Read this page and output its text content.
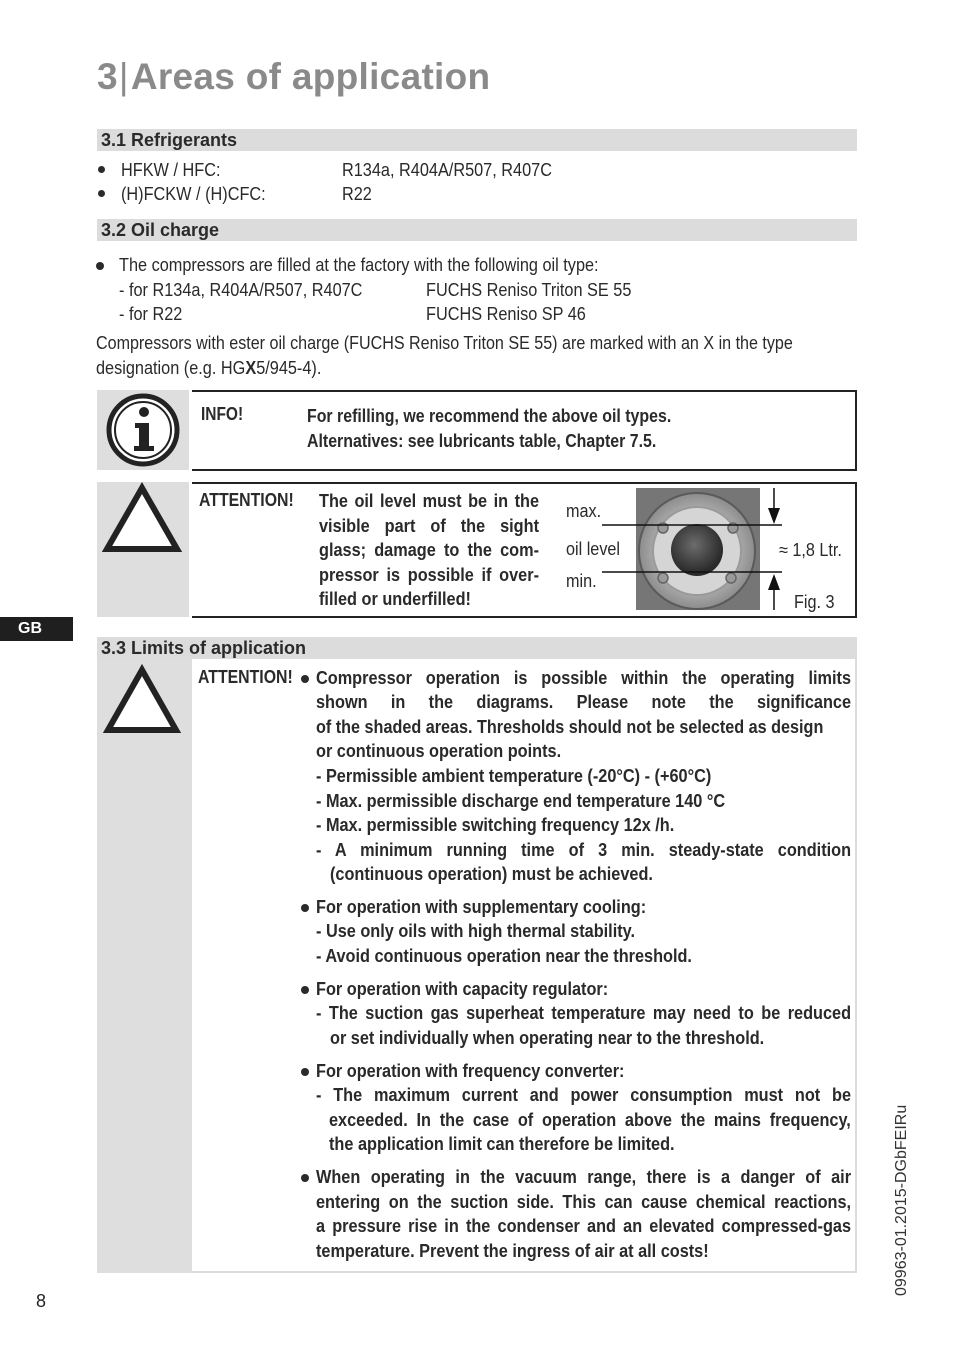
3|Areas of application
3.1 Refrigerants
HFKW / HFC:	R134a, R404A/R507, R407C
(H)FCKW / (H)CFC:	R22
3.2 Oil charge
The compressors are filled at the factory with the following oil type:
- for R134a, R404A/R507, R407C	FUCHS Reniso Triton SE 55
- for R22	FUCHS Reniso SP 46
Compressors with ester oil charge (FUCHS Reniso Triton SE 55) are marked with an X in the type
designation (e.g. HGX5/945-4).
INFO!	For refilling, we recommend the above oil types.
Alternatives: see lubricants table, Chapter 7.5.
ATTENTION! The oil level must be in the
visible part of the sight
glass; damage to the com-
pressor is possible if over-
filled or underfilled!
max.
oil level
min.
≈ 1,8 Ltr.
Fig. 3
GB
3.3 Limits of application
ATTENTION! Compressor operation is possible within the operating limits
shown in the diagrams. Please note the significance
of the shaded areas. Thresholds should not be selected as design
or continuous operation points.
- Permissible ambient temperature (-20°C) - (+60°C)
- Max. permissible discharge end temperature 140 °C
- Max. permissible switching frequency 12x /h.
- A minimum running time of 3 min. steady-state condition
(continuous operation) must be achieved.
For operation with supplementary cooling:
- Use only oils with high thermal stability.
- Avoid continuous operation near the threshold.
For operation with capacity regulator:
- The suction gas superheat temperature may need to be reduced
or set individually when operating near to the threshold.
For operation with frequency converter:
- The maximum current and power consumption must not be
exceeded. In the case of operation above the mains frequency,
the application limit can therefore be limited.
When operating in the vacuum range, there is a danger of air
entering on the suction side. This can cause chemical reactions,
a pressure rise in the condenser and an elevated compressed-gas
temperature. Prevent the ingress of air at all costs!	09963-01.2015-DGbFEIRu
8
